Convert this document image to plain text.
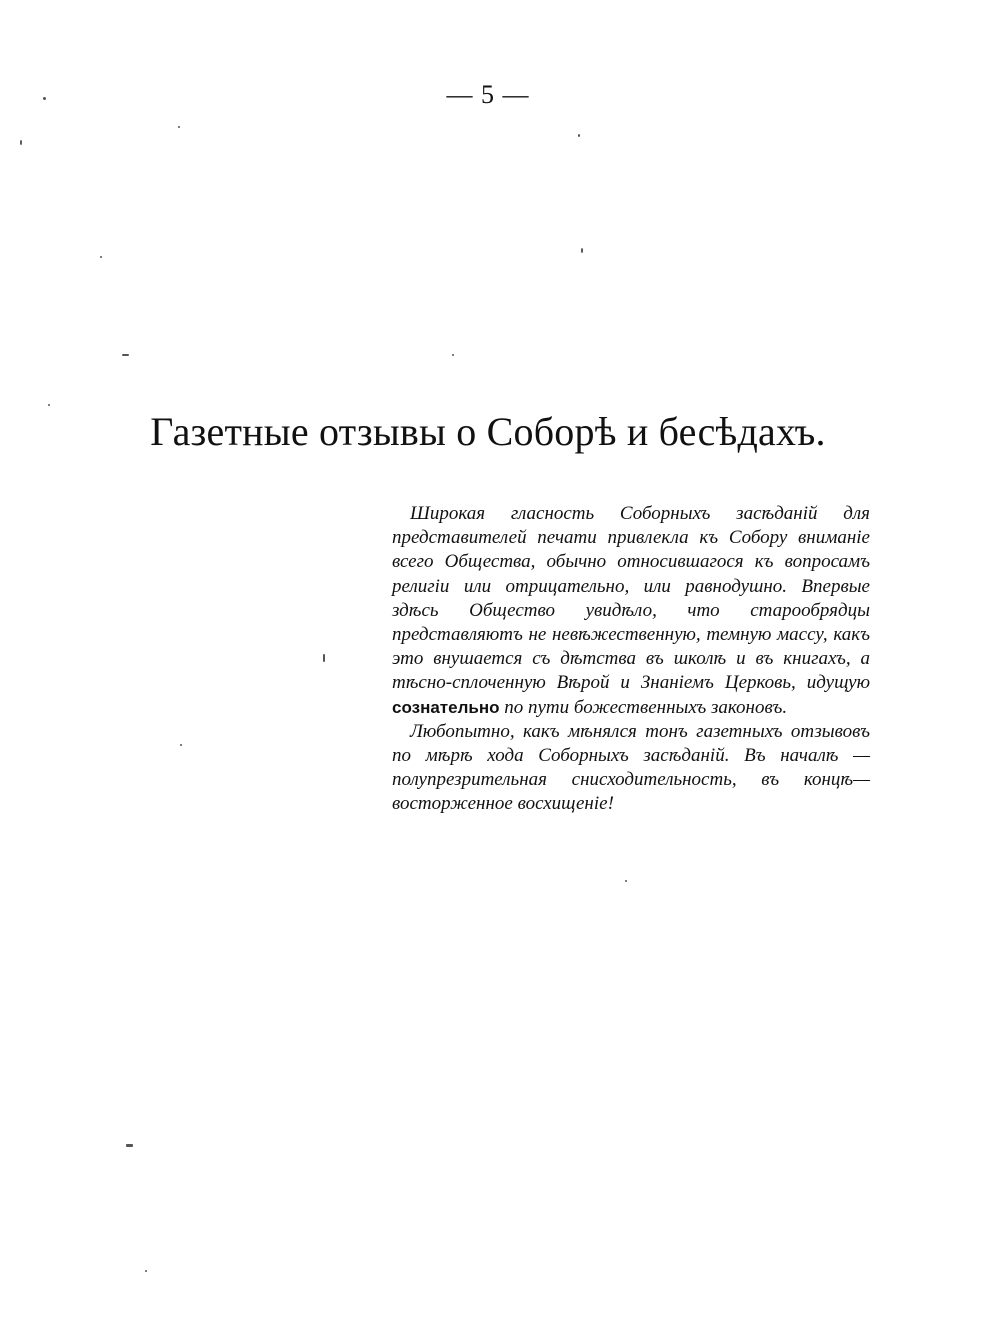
— 5 —
Газетные отзывы о Соборѣ и бесѣдахъ.

Широкая гласность Соборныхъ засѣданій для представителей печати привлекла къ Собору вниманіе всего Общества, обычно относившагося къ вопросамъ религіи или отрицательно, или равнодушно. Впервые здѣсь Общество увидѣло, что старообрядцы представляютъ не невѣжественную, темную массу, какъ это внушается съ дѣтства въ школѣ и въ книгахъ, а тѣсно-сплоченную Вѣрой и Знаніемъ Церковь, идущую сознательно по пути божественныхъ законовъ.

Любопытно, какъ мѣнялся тонъ газетныхъ отзывовъ по мѣрѣ хода Соборныхъ засѣданій. Въ началѣ — полупрезрительная снисходительность, въ концѣ—восторженное восхищеніе!
